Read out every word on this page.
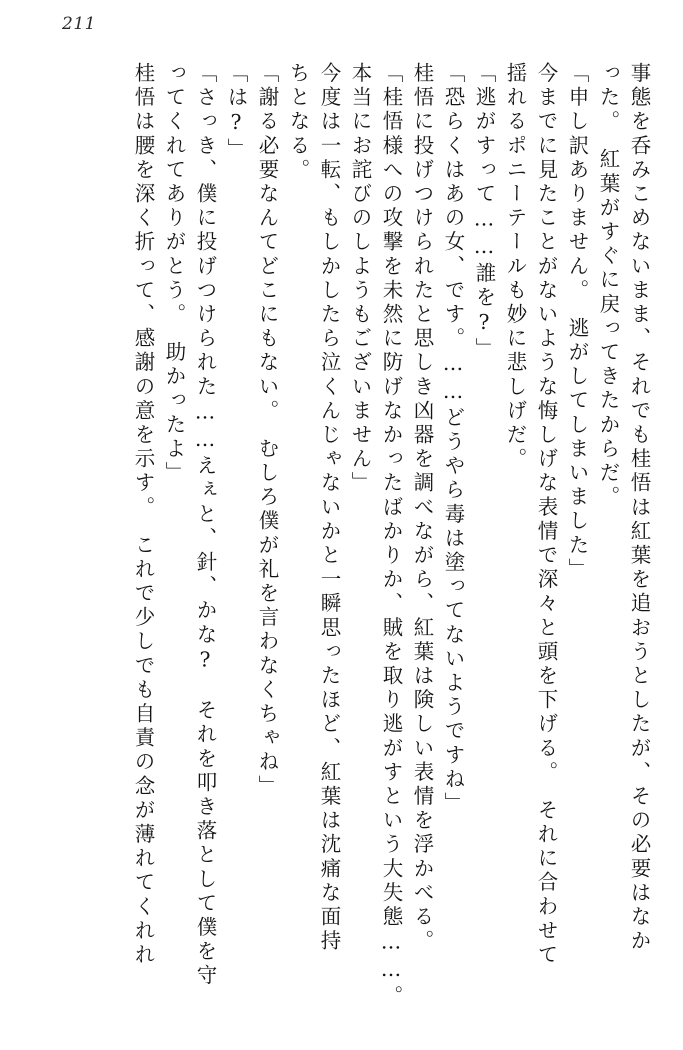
211
事態を呑みこめないまま、それでも桂悟は紅葉を追おうとしたが、その必要はなか
った。　紅葉がすぐに戻ってきたからだ。
「申し訳ありません。　逃がしてしまいました」
今までに見たことがないような悔しげな表情で深々と頭を下げる。　それに合わせて
揺れるポニーテールも妙に悲しげだ。
「逃がすって……誰を?」
「恐らくはあの女、です。……どうやら毒は塗ってないようですね」
桂悟に投げつけられたと思しき凶器を調べながら、紅葉は険しい表情を浮かべる。
「桂悟様への攻撃を未然に防げなかったばかりか、賊を取り逃がすという大失態……。
本当にお詫びのしようもございません」
今度は一転、もしかしたら泣くんじゃないかと一瞬思ったほど、紅葉は沈痛な面持
ちとなる。
「謝る必要なんてどこにもない。　むしろ僕が礼を言わなくちゃね」
「は?」
「さっき、僕に投げつけられた……えぇと、針、かな?　それを叩き落として僕を守
ってくれてありがとう。　助かったよ」
桂悟は腰を深く折って、感謝の意を示す。　これで少しでも自責の念が薄れてくれれ
